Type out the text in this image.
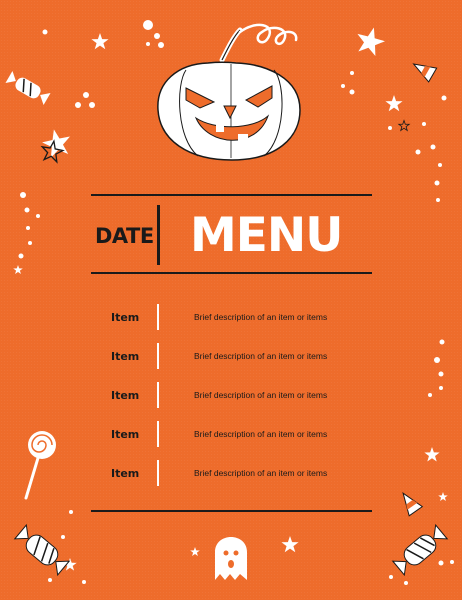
DATE MENU
Item	Brief description of an item or items
Item	Brief description of an item or items
Item	Brief description of an item or items
Item	Brief description of an item or items
Item	Brief description of an item or items
